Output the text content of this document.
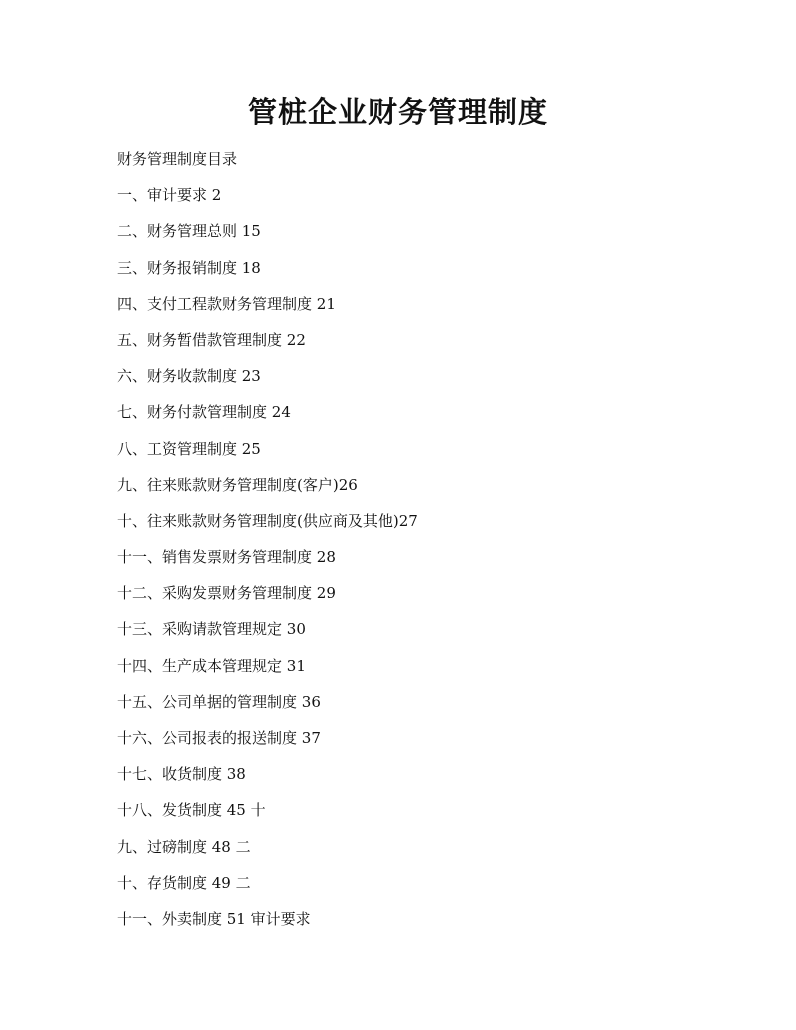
管桩企业财务管理制度
财务管理制度目录
一、审计要求 2
二、财务管理总则 15
三、财务报销制度 18
四、支付工程款财务管理制度 21
五、财务暂借款管理制度 22
六、财务收款制度 23
七、财务付款管理制度 24
八、工资管理制度 25
九、往来账款财务管理制度(客户)26
十、往来账款财务管理制度(供应商及其他)27
十一、销售发票财务管理制度 28
十二、采购发票财务管理制度 29
十三、采购请款管理规定 30
十四、生产成本管理规定 31
十五、公司单据的管理制度 36
十六、公司报表的报送制度 37
十七、收货制度 38
十八、发货制度 45 十
九、过磅制度 48 二
十、存货制度 49 二
十一、外卖制度 51 审计要求
